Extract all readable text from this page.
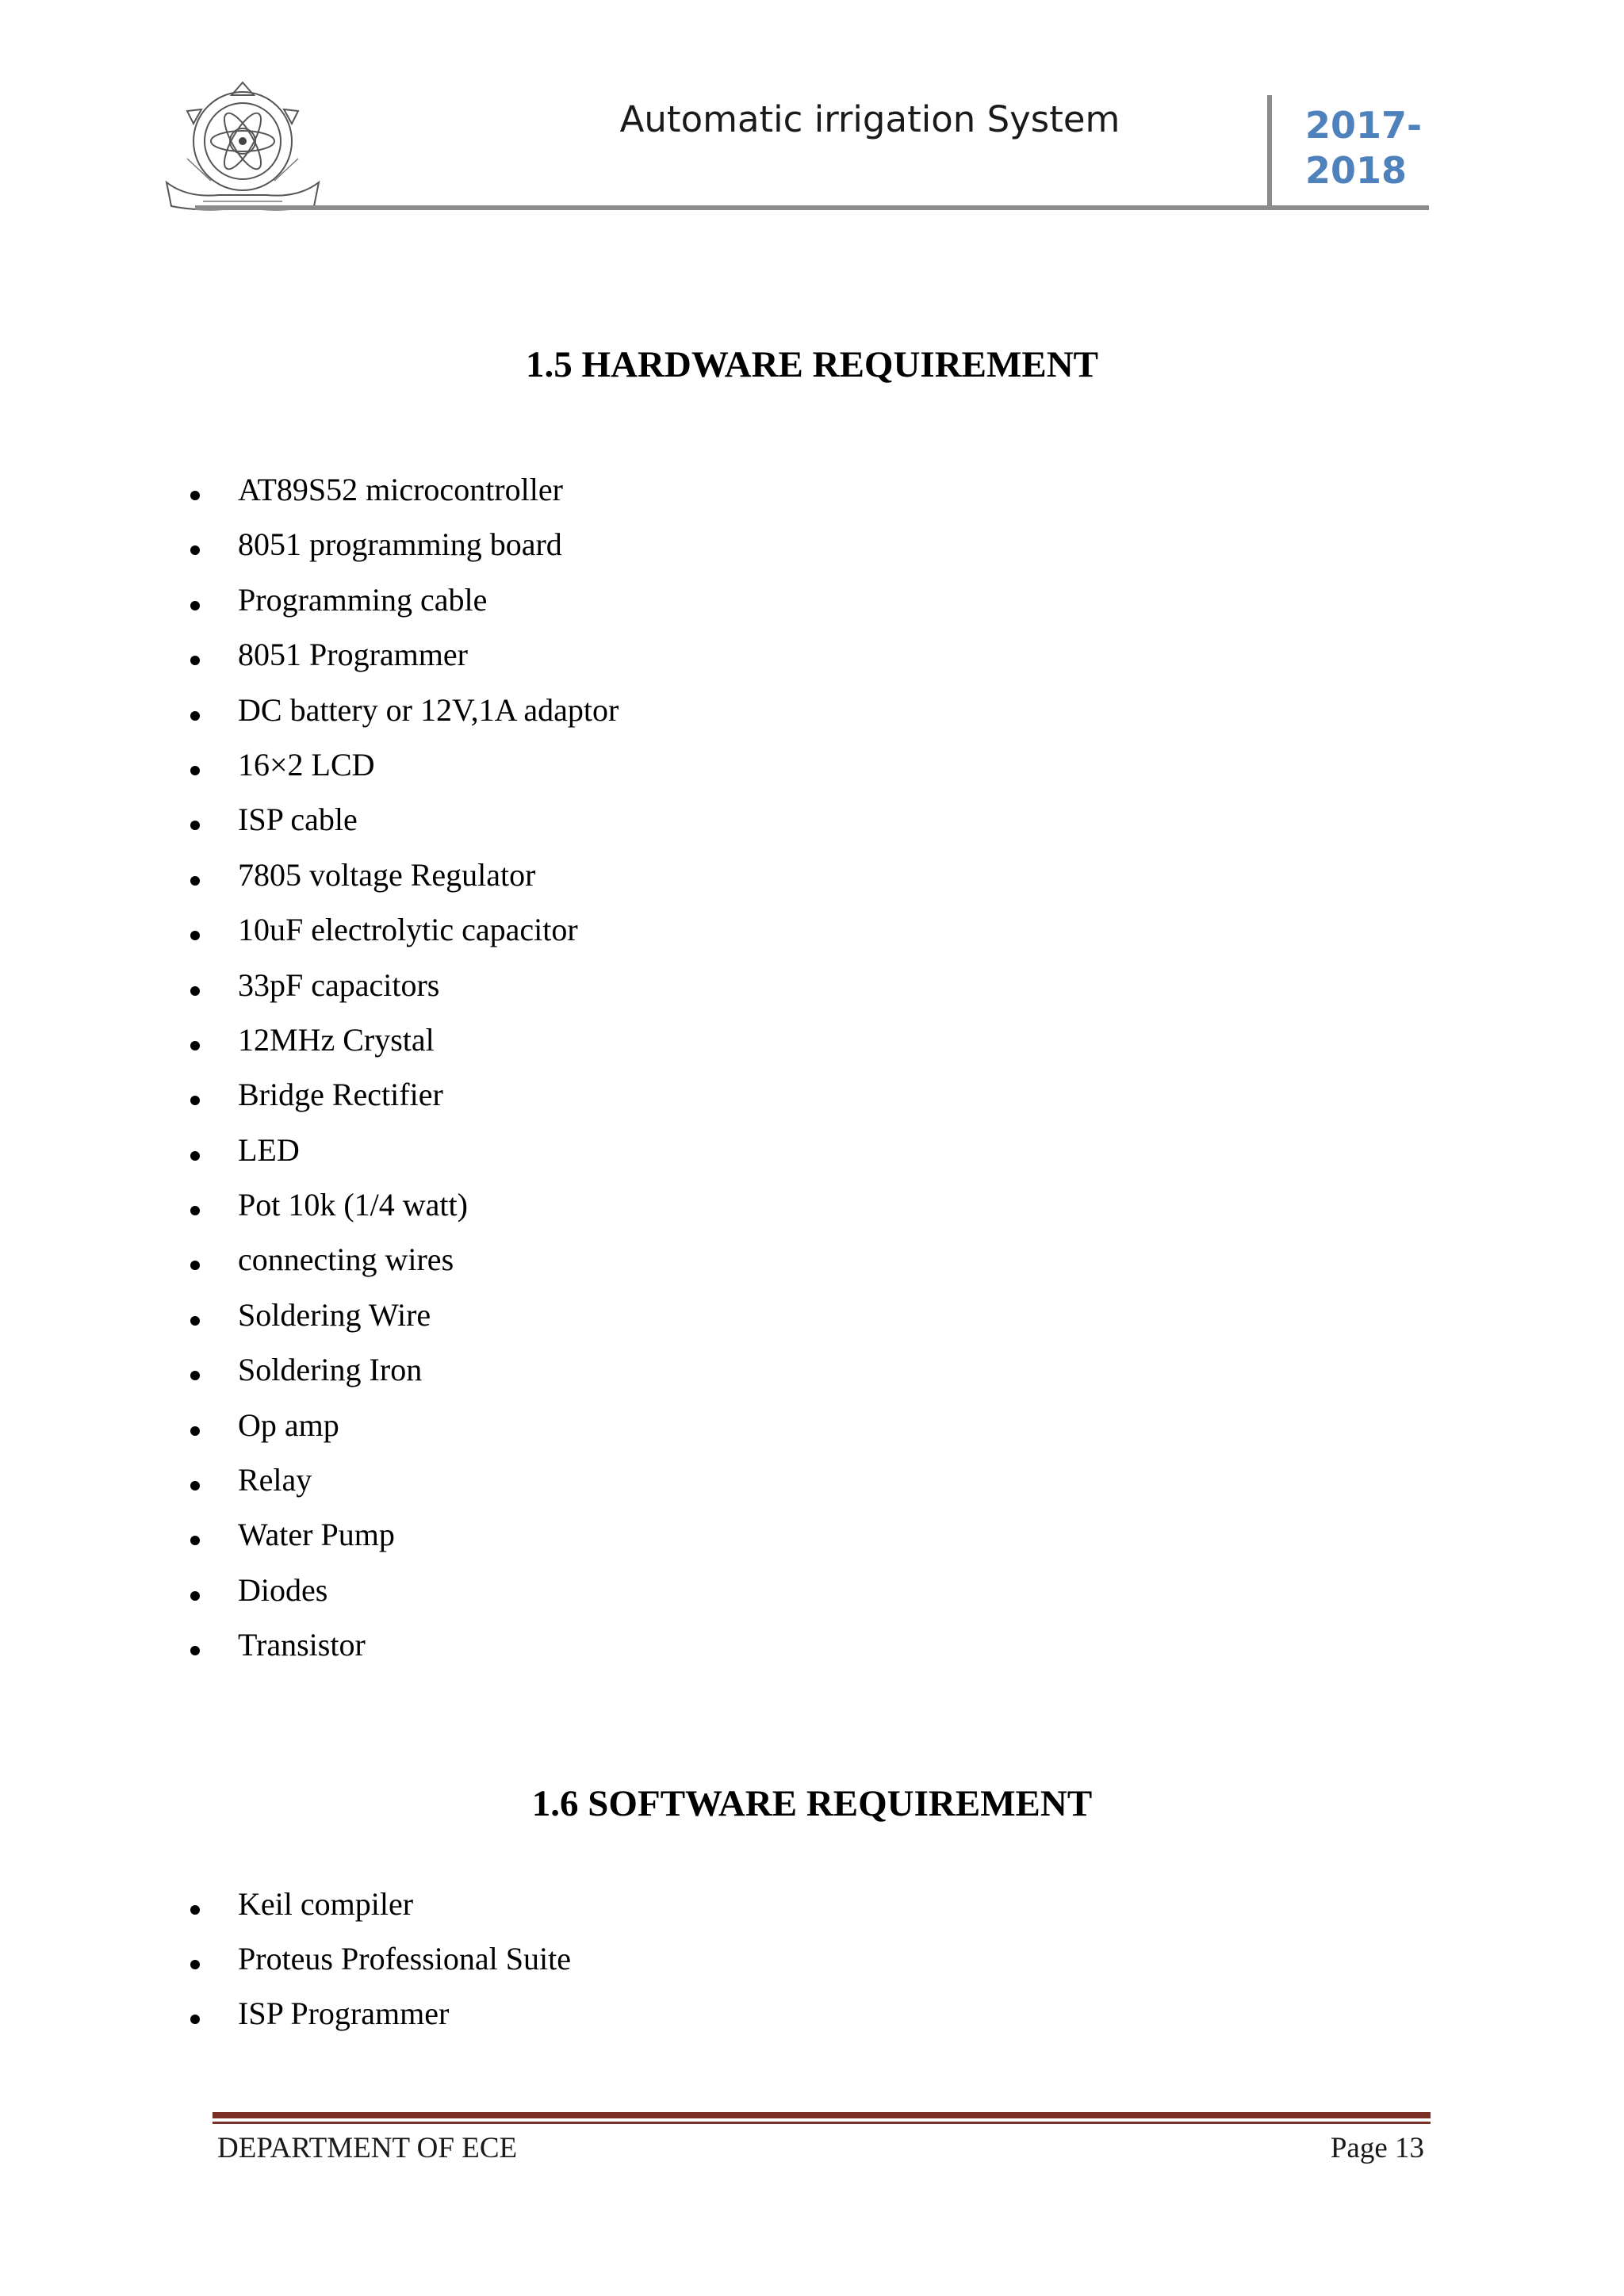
Automatic irrigation System	2017-
2018
1.5 HARDWARE REQUIREMENT
AT89S52 microcontroller
8051 programming board
Programming cable
8051 Programmer
DC battery or 12V,1A adaptor
16×2 LCD
ISP cable
7805 voltage Regulator
10uF electrolytic capacitor
33pF capacitors
12MHz Crystal
Bridge Rectifier
LED
Pot 10k (1/4 watt)
connecting wires
Soldering Wire
Soldering Iron
Op amp
Relay
Water Pump
Diodes
Transistor
1.6 SOFTWARE REQUIREMENT
Keil compiler
Proteus Professional Suite
ISP Programmer
DEPARTMENT OF ECE	Page 13
